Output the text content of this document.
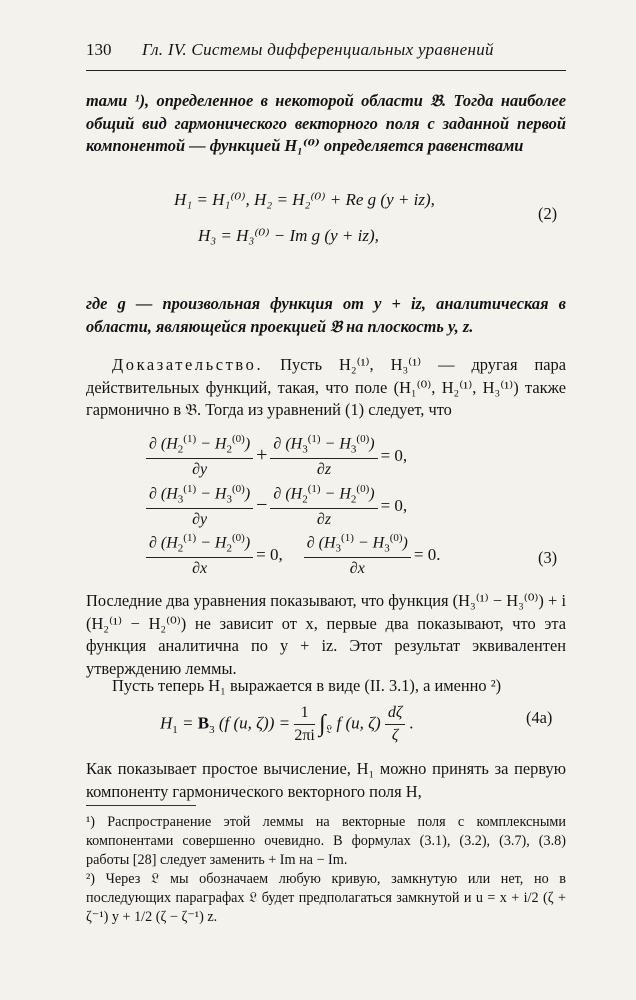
130 Гл. IV. Системы дифференциальных уравнений

тами ¹), определенное в некоторой области 𝔅. Тогда наиболее общий вид гармонического векторного поля с заданной первой компонентой — функцией H₁⁽⁰⁾ определяется равенствами

H₁ = H₁⁽⁰⁾, H₂ = H₂⁽⁰⁾ + Re g (y + iz),
H₃ = H₃⁽⁰⁾ − Im g (y + iz),
(2)

где g — произвольная функция от y + iz, аналитическая в области, являющейся проекцией 𝔅 на плоскость y, z.

Доказательство. Пусть H₂⁽¹⁾, H₃⁽¹⁾ — другая пара действительных функций, такая, что поле (H₁⁽⁰⁾, H₂⁽¹⁾, H₃⁽¹⁾) также гармонично в 𝔅. Тогда из уравнений (1) следует, что

$\frac{\partial (H_2^{(1)} - H_2^{(0)})}{\partial y} + \frac{\partial (H_3^{(1)} - H_3^{(0)})}{\partial z} = 0$,
$\frac{\partial (H_3^{(1)} - H_3^{(0)})}{\partial y} - \frac{\partial (H_2^{(1)} - H_2^{(0)})}{\partial z} = 0$,
$\frac{\partial (H_2^{(1)} - H_2^{(0)})}{\partial x} = 0$, $\frac{\partial (H_3^{(1)} - H_3^{(0)})}{\partial x} = 0$.	(3)

Последние два уравнения показывают, что функция (H₃⁽¹⁾ − H₃⁽⁰⁾) + i (H₂⁽¹⁾ − H₂⁽⁰⁾) не зависит от x, первые два показывают, что эта функция аналитична по y + iz. Этот результат эквивалентен утверждению леммы.

Пусть теперь H₁ выражается в виде (II. 3.1), а именно ²)

$H_1 = B_3$ (f (u, $\zeta)) = \frac{1}{2\pi i} \int_𝔏$ f (u, $\zeta) \frac{d\zeta}{\zeta}$ .	(4a)

Как показывает простое вычисление, H₁ можно принять за первую компоненту гармонического векторного поля H,

¹) Распространение этой леммы на векторные поля с комплексными компонентами совершенно очевидно. В формулах (3.1), (3.2), (3.7), (3.8) работы [28] следует заменить + Im на − Im.

²) Через 𝔏 мы обозначаем любую кривую, замкнутую или нет, но в последующих параграфах 𝔏 будет предполагаться замкнутой и u = x + i/2 (ζ + ζ⁻¹) y + 1/2 (ζ − ζ⁻¹) z.
